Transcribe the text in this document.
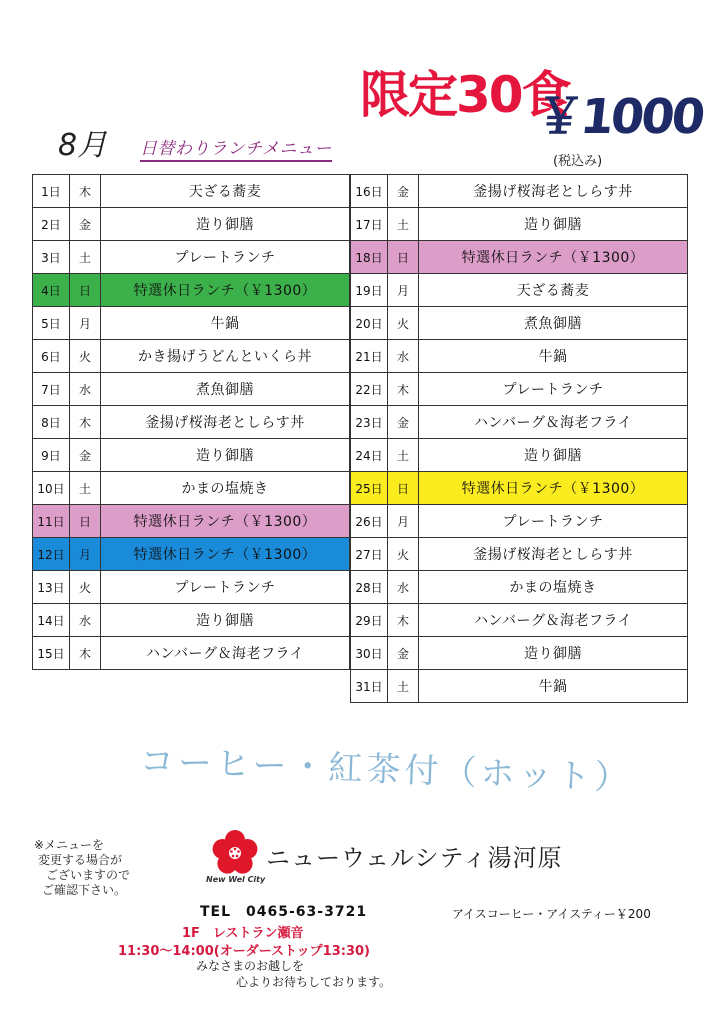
8月 日替わりランチメニュー
限定30食
￥1000
(税込み)
1日	木	天ざる蕎麦
2日	金	造り御膳
3日	土	プレートランチ
4日	日	特選休日ランチ（￥1300）
5日	月	牛鍋
6日	火	かき揚げうどんといくら丼
7日	水	煮魚御膳
8日	木	釜揚げ桜海老としらす丼
9日	金	造り御膳
10日	土	かまの塩焼き
11日	日	特選休日ランチ（￥1300）
12日	月	特選休日ランチ（￥1300）
13日	火	プレートランチ
14日	水	造り御膳
15日	木	ハンバーグ＆海老フライ
16日	金	釜揚げ桜海老としらす丼
17日	土	造り御膳
18日	日	特選休日ランチ（￥1300）
19日	月	天ざる蕎麦
20日	火	煮魚御膳
21日	水	牛鍋
22日	木	プレートランチ
23日	金	ハンバーグ＆海老フライ
24日	土	造り御膳
25日	日	特選休日ランチ（￥1300）
26日	月	プレートランチ
27日	火	釜揚げ桜海老としらす丼
28日	水	かまの塩焼き
29日	木	ハンバーグ＆海老フライ
30日	金	造り御膳
31日	土	牛鍋
コーヒー・紅茶付（ホット）
※メニューを
変更する場合が
ございますので
ご確認下さい。
New Wel City
ニューウェルシティ湯河原
TEL　0465-63-3721	アイスコーヒー・アイスティー￥200
1F　レストラン瀬音
11:30～14:00(オーダーストップ13:30)
みなさまのお越しを
心よりお待ちしております。
